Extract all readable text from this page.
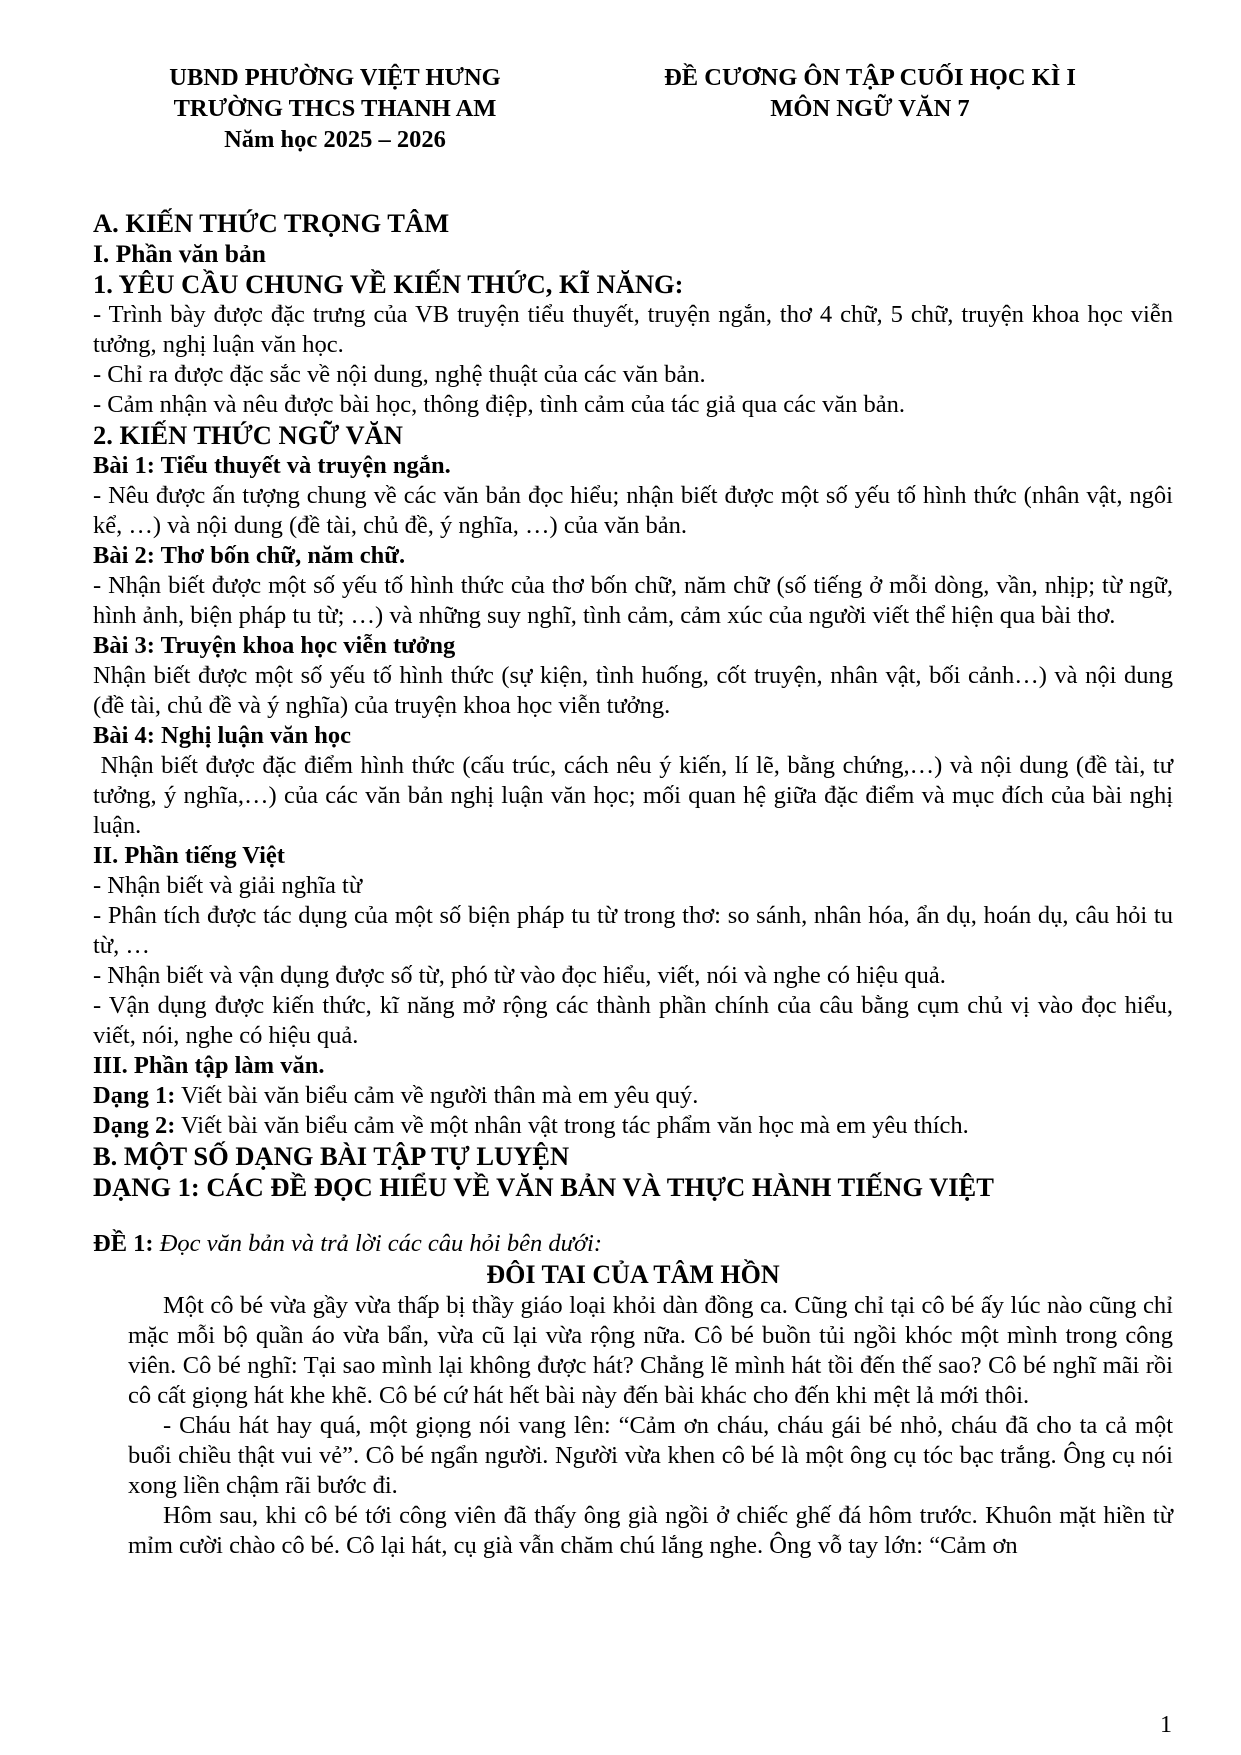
UBND PHƯỜNG VIỆT HƯNG
TRƯỜNG THCS THANH AM
Năm học 2025 – 2026
ĐỀ CƯƠNG ÔN TẬP CUỐI HỌC KÌ I
MÔN NGỮ VĂN 7
A. KIẾN THỨC TRỌNG TÂM
I. Phần văn bản
1. YÊU CẦU CHUNG VỀ KIẾN THỨC, KĨ NĂNG:

- Trình bày được đặc trưng của VB truyện tiểu thuyết, truyện ngắn, thơ 4 chữ, 5 chữ, truyện khoa học viễn tưởng, nghị luận văn học.

- Chỉ ra được đặc sắc về nội dung, nghệ thuật của các văn bản.

- Cảm nhận và nêu được bài học, thông điệp, tình cảm của tác giả qua các văn bản.

2. KIẾN THỨC NGỮ VĂN
Bài 1: Tiểu thuyết và truyện ngắn.

- Nêu được ấn tượng chung về các văn bản đọc hiểu; nhận biết được một số yếu tố hình thức (nhân vật, ngôi kể, …) và nội dung (đề tài, chủ đề, ý nghĩa, …) của văn bản.

Bài 2: Thơ bốn chữ, năm chữ.

- Nhận biết được một số yếu tố hình thức của thơ bốn chữ, năm chữ (số tiếng ở mỗi dòng, vần, nhịp; từ ngữ, hình ảnh, biện pháp tu từ; …) và những suy nghĩ, tình cảm, cảm xúc của người viết thể hiện qua bài thơ.

Bài 3: Truyện khoa học viễn tưởng

Nhận biết được một số yếu tố hình thức (sự kiện, tình huống, cốt truyện, nhân vật, bối cảnh…) và nội dung (đề tài, chủ đề và ý nghĩa) của truyện khoa học viễn tưởng.

Bài 4: Nghị luận văn học

Nhận biết được đặc điểm hình thức (cấu trúc, cách nêu ý kiến, lí lẽ, bằng chứng,…) và nội dung (đề tài, tư tưởng, ý nghĩa,…) của các văn bản nghị luận văn học; mối quan hệ giữa đặc điểm và mục đích của bài nghị luận.

II. Phần tiếng Việt

- Nhận biết và giải nghĩa từ

- Phân tích được tác dụng của một số biện pháp tu từ trong thơ: so sánh, nhân hóa, ẩn dụ, hoán dụ, câu hỏi tu từ, …

- Nhận biết và vận dụng được số từ, phó từ vào đọc hiểu, viết, nói và nghe có hiệu quả.

- Vận dụng được kiến thức, kĩ năng mở rộng các thành phần chính của câu bằng cụm chủ vị vào đọc hiểu, viết, nói, nghe có hiệu quả.

III. Phần tập làm văn.
Dạng 1: Viết bài văn biểu cảm về người thân mà em yêu quý.
Dạng 2: Viết bài văn biểu cảm về một nhân vật trong tác phẩm văn học mà em yêu thích.
B. MỘT SỐ DẠNG BÀI TẬP TỰ LUYỆN
DẠNG 1: CÁC ĐỀ ĐỌC HIỂU VỀ VĂN BẢN VÀ THỰC HÀNH TIẾNG VIỆT
ĐỀ 1: Đọc văn bản và trả lời các câu hỏi bên dưới:
ĐÔI TAI CỦA TÂM HỒN

Một cô bé vừa gầy vừa thấp bị thầy giáo loại khỏi dàn đồng ca. Cũng chỉ tại cô bé ấy lúc nào cũng chỉ mặc mỗi bộ quần áo vừa bẩn, vừa cũ lại vừa rộng nữa. Cô bé buồn tủi ngồi khóc một mình trong công viên. Cô bé nghĩ: Tại sao mình lại không được hát? Chẳng lẽ mình hát tồi đến thế sao? Cô bé nghĩ mãi rồi cô cất giọng hát khe khẽ. Cô bé cứ hát hết bài này đến bài khác cho đến khi mệt lả mới thôi.

- Cháu hát hay quá, một giọng nói vang lên: “Cảm ơn cháu, cháu gái bé nhỏ, cháu đã cho ta cả một buổi chiều thật vui vẻ”. Cô bé ngẩn người. Người vừa khen cô bé là một ông cụ tóc bạc trắng. Ông cụ nói xong liền chậm rãi bước đi.

Hôm sau, khi cô bé tới công viên đã thấy ông già ngồi ở chiếc ghế đá hôm trước. Khuôn mặt hiền từ mỉm cười chào cô bé. Cô lại hát, cụ già vẫn chăm chú lắng nghe. Ông vỗ tay lớn: “Cảm ơn

1
